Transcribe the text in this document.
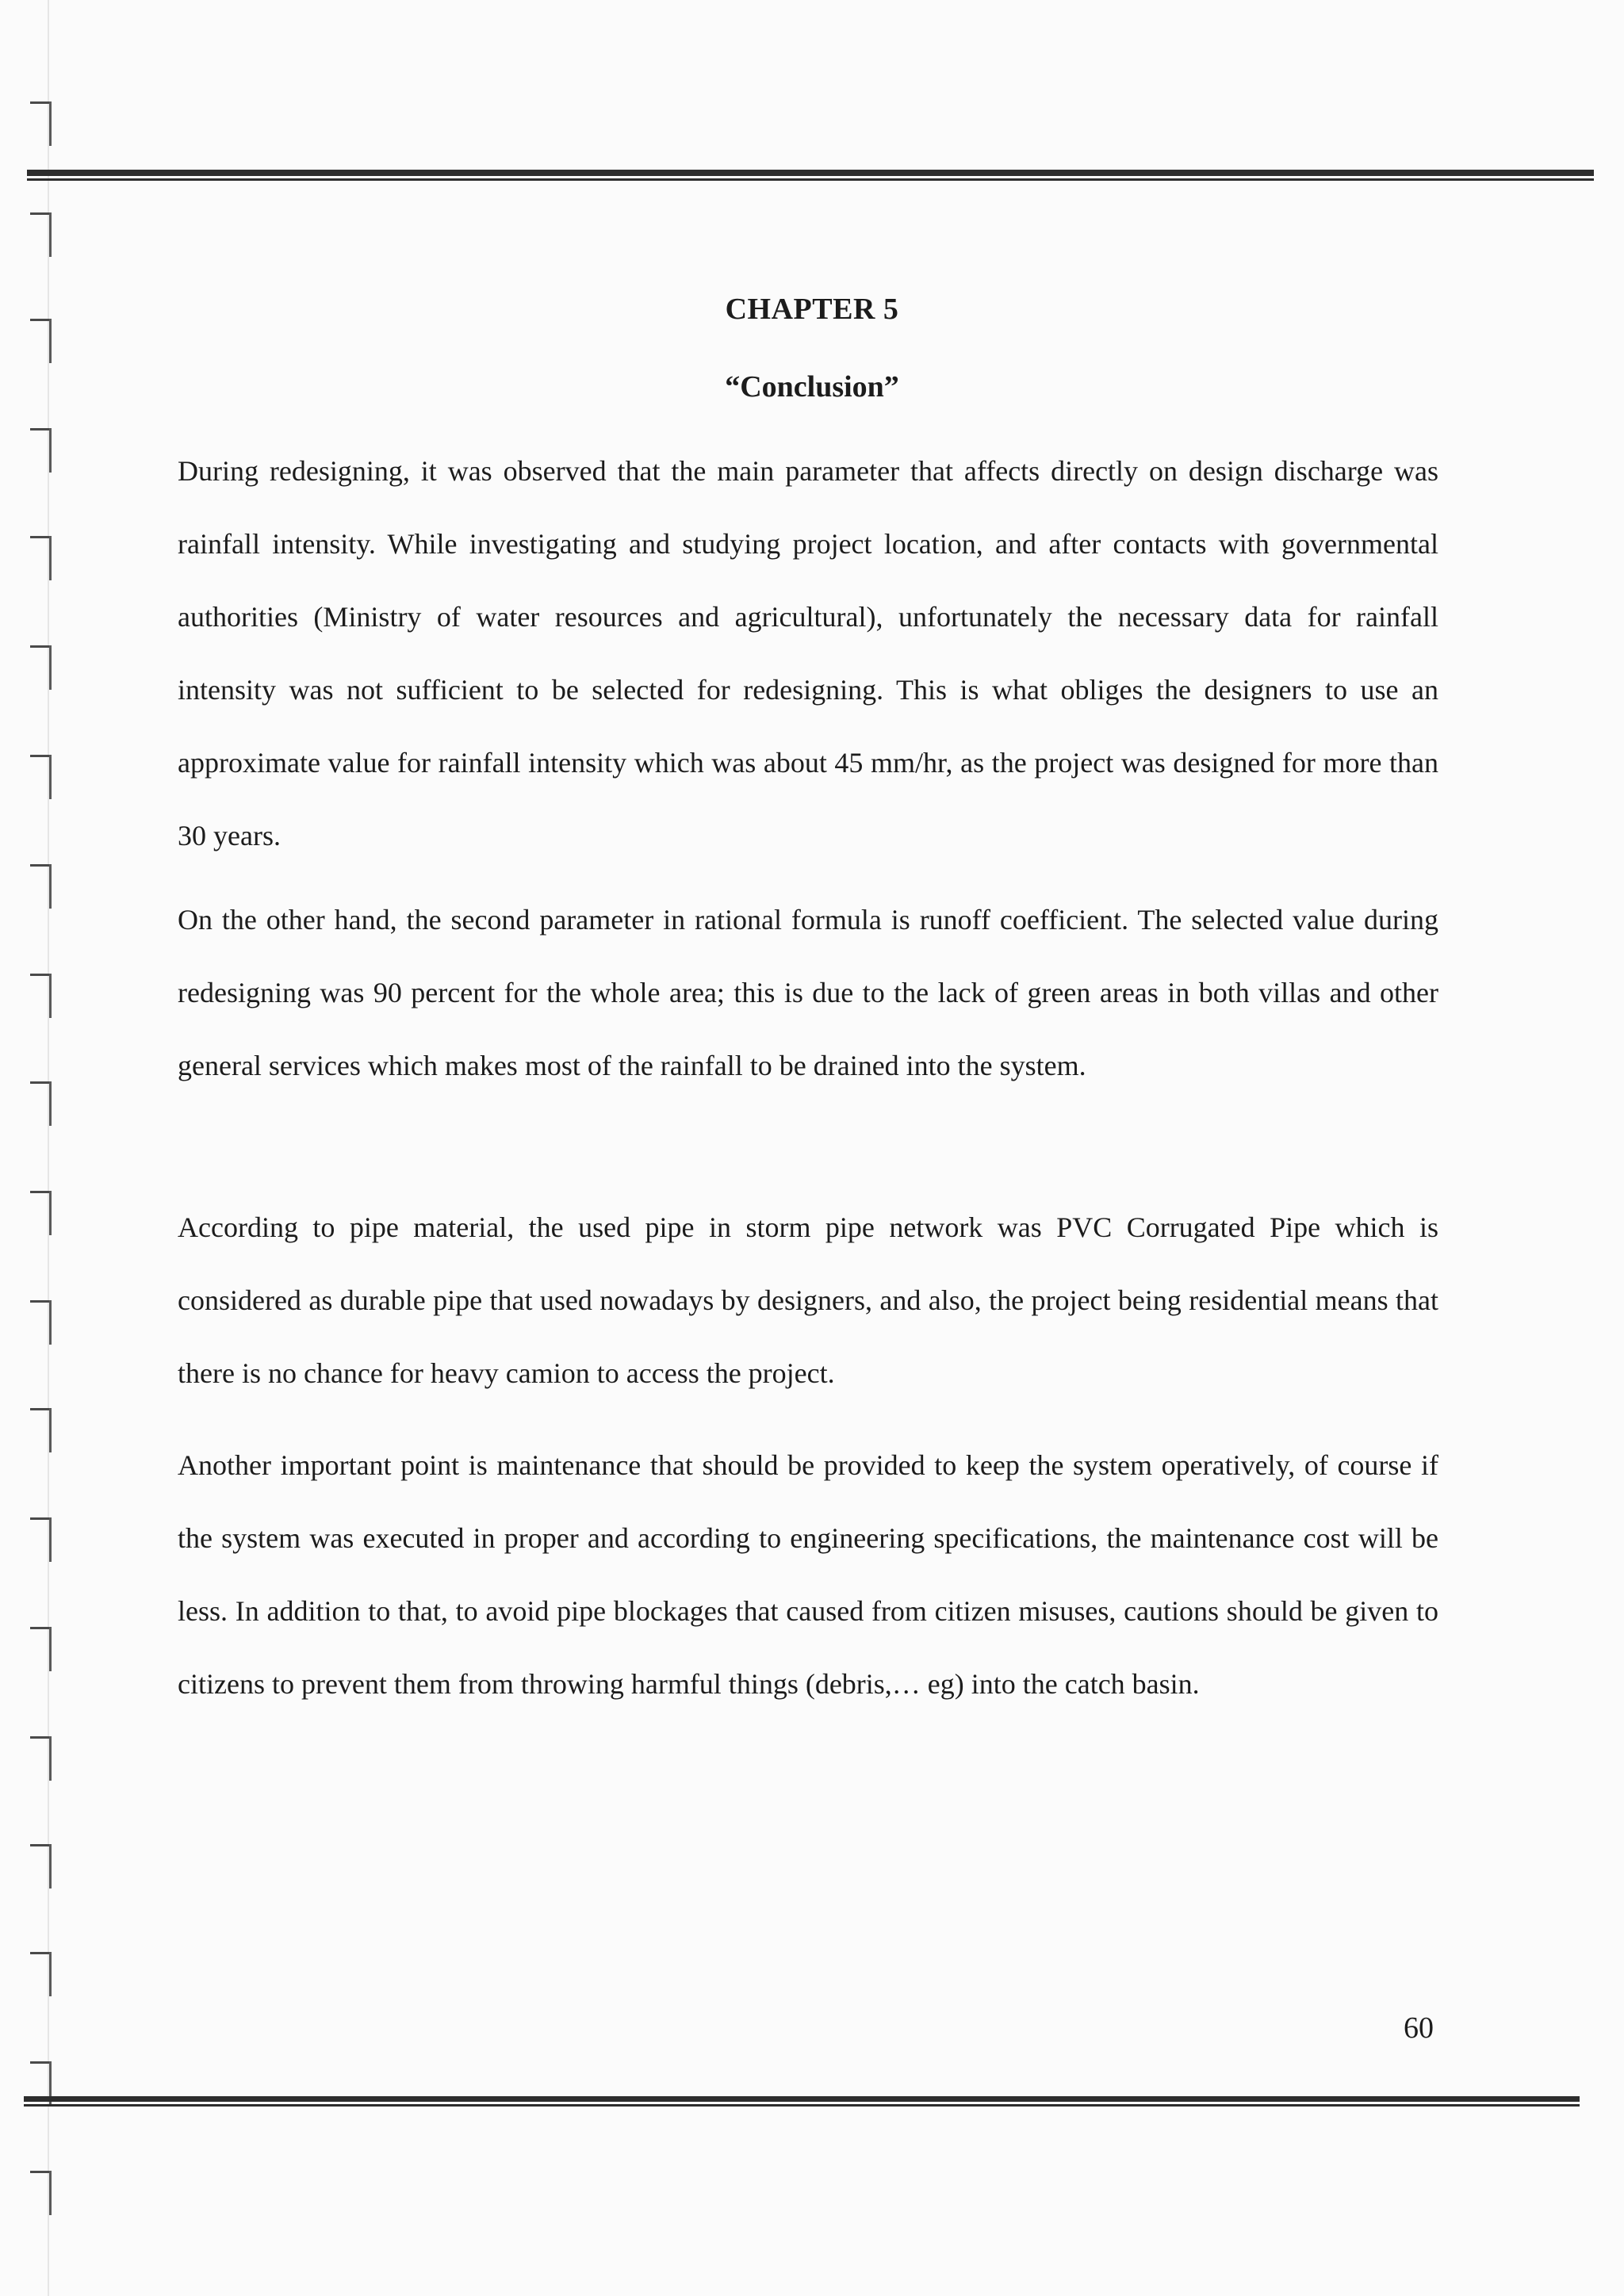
CHAPTER 5
“Conclusion”

During redesigning, it was observed that the main parameter that affects directly on design discharge was rainfall intensity. While investigating and studying project location, and after contacts with governmental authorities (Ministry of water resources and agricultural), unfortunately the necessary data for rainfall intensity was not sufficient to be selected for redesigning. This is what obliges the designers to use an approximate value for rainfall intensity which was about 45 mm/hr, as the project was designed for more than 30 years.

On the other hand, the second parameter in rational formula is runoff coefficient. The selected value during redesigning was 90 percent for the whole area; this is due to the lack of green areas in both villas and other general services which makes most of the rainfall to be drained into the system.

According to pipe material, the used pipe in storm pipe network was PVC Corrugated Pipe which is considered as durable pipe that used nowadays by designers, and also, the project being residential means that there is no chance for heavy camion to access the project.

Another important point is maintenance that should be provided to keep the system operatively, of course if the system was executed in proper and according to engineering specifications, the maintenance cost will be less. In addition to that, to avoid pipe blockages that caused from citizen misuses, cautions should be given to citizens to prevent them from throwing harmful things (debris,… eg) into the catch basin.

60
